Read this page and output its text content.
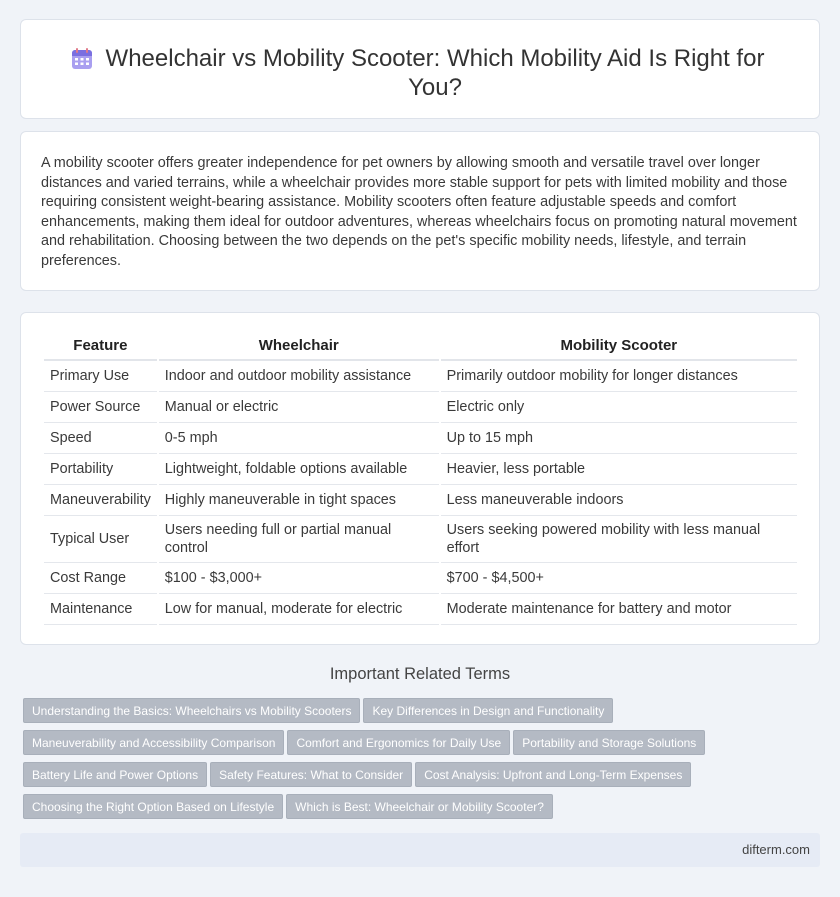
Wheelchair vs Mobility Scooter: Which Mobility Aid Is Right for You?

A mobility scooter offers greater independence for pet owners by allowing smooth and versatile travel over longer distances and varied terrains, while a wheelchair provides more stable support for pets with limited mobility and those requiring consistent weight-bearing assistance. Mobility scooters often feature adjustable speeds and comfort enhancements, making them ideal for outdoor adventures, whereas wheelchairs focus on promoting natural movement and rehabilitation. Choosing between the two depends on the pet's specific mobility needs, lifestyle, and terrain preferences.

Feature	Wheelchair	Mobility Scooter
Primary Use	Indoor and outdoor mobility assistance	Primarily outdoor mobility for longer distances
Power Source	Manual or electric	Electric only
Speed	0-5 mph	Up to 15 mph
Portability	Lightweight, foldable options available	Heavier, less portable
Maneuverability	Highly maneuverable in tight spaces	Less maneuverable indoors
Typical User	Users needing full or partial manual control	Users seeking powered mobility with less manual effort
Cost Range	$100 - $3,000+	$700 - $4,500+
Maintenance	Low for manual, moderate for electric	Moderate maintenance for battery and motor
Important Related Terms
Understanding the Basics: Wheelchairs vs Mobility Scooters Key Differences in Design and Functionality
Maneuverability and Accessibility Comparison Comfort and Ergonomics for Daily Use Portability and Storage Solutions
Battery Life and Power Options Safety Features: What to Consider Cost Analysis: Upfront and Long-Term Expenses
Choosing the Right Option Based on Lifestyle Which is Best: Wheelchair or Mobility Scooter?
difterm.com
